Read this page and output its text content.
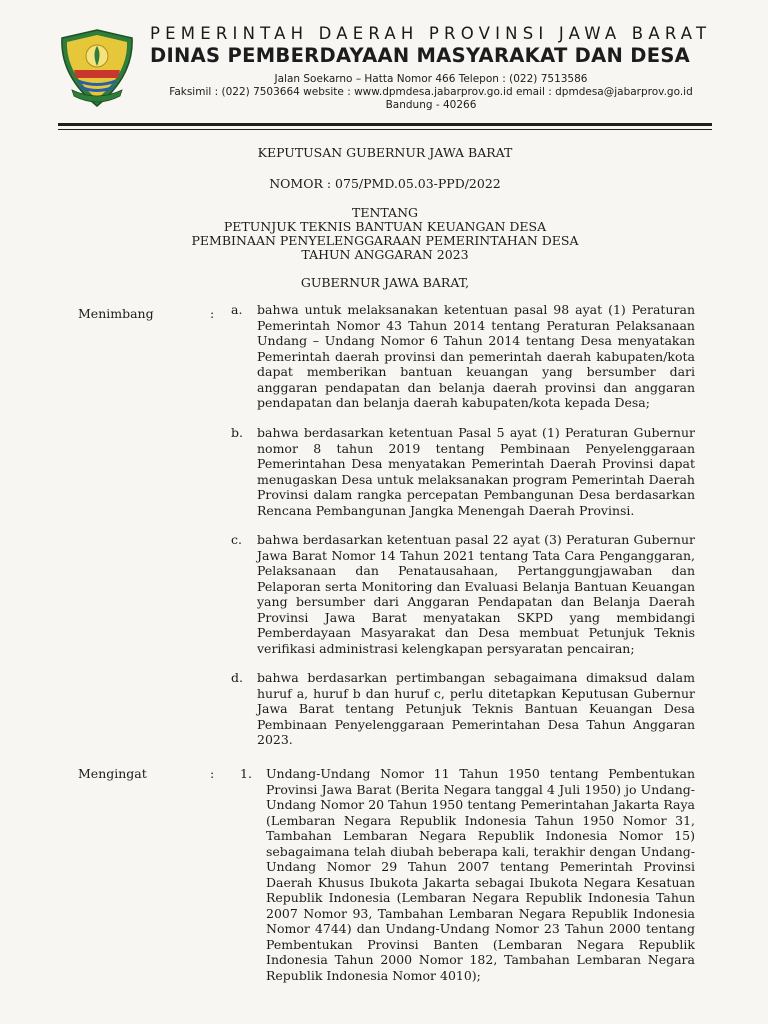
PEMERINTAH DAERAH PROVINSI JAWA BARAT
DINAS PEMBERDAYAAN MASYARAKAT DAN DESA
Jalan Soekarno – Hatta Nomor 466 Telepon : (022) 7513586
Faksimil : (022) 7503664 website : www.dpmdesa.jabarprov.go.id email : dpmdesa@jabarprov.go.id
Bandung - 40266
KEPUTUSAN GUBERNUR JAWA BARAT
NOMOR : 075/PMD.05.03-PPD/2022
TENTANG
PETUNJUK TEKNIS BANTUAN KEUANGAN DESA
PEMBINAAN PENYELENGGARAAN PEMERINTAHAN DESA
TAHUN ANGGARAN 2023
GUBERNUR JAWA BARAT,
Menimbang	: a. bahwa untuk melaksanakan ketentuan pasal 98 ayat (1) Peraturan Pemerintah Nomor 43 Tahun 2014 tentang Peraturan Pelaksanaan Undang – Undang Nomor 6 Tahun 2014 tentang Desa menyatakan Pemerintah daerah provinsi dan pemerintah daerah kabupaten/kota dapat memberikan bantuan keuangan yang bersumber dari anggaran pendapatan dan belanja daerah provinsi dan anggaran pendapatan dan belanja daerah kabupaten/kota kepada Desa;
b. bahwa berdasarkan ketentuan Pasal 5 ayat (1) Peraturan Gubernur nomor 8 tahun 2019 tentang Pembinaan Penyelenggaraan Pemerintahan Desa menyatakan Pemerintah Daerah Provinsi dapat menugaskan Desa untuk melaksanakan program Pemerintah Daerah Provinsi dalam rangka percepatan Pembangunan Desa berdasarkan Rencana Pembangunan Jangka Menengah Daerah Provinsi.
c. bahwa berdasarkan ketentuan pasal 22 ayat (3) Peraturan Gubernur Jawa Barat Nomor 14 Tahun 2021 tentang Tata Cara Penganggaran, Pelaksanaan dan Penatausahaan, Pertanggungjawaban dan Pelaporan serta Monitoring dan Evaluasi Belanja Bantuan Keuangan yang bersumber dari Anggaran Pendapatan dan Belanja Daerah Provinsi Jawa Barat menyatakan SKPD yang membidangi Pemberdayaan Masyarakat dan Desa membuat Petunjuk Teknis verifikasi administrasi kelengkapan persyaratan pencairan;
d. bahwa berdasarkan pertimbangan sebagaimana dimaksud dalam huruf a, huruf b dan huruf c, perlu ditetapkan Keputusan Gubernur Jawa Barat tentang Petunjuk Teknis Bantuan Keuangan Desa Pembinaan Penyelenggaraan Pemerintahan Desa Tahun Anggaran 2023.
Mengingat	: 1. Undang-Undang Nomor 11 Tahun 1950 tentang Pembentukan Provinsi Jawa Barat (Berita Negara tanggal 4 Juli 1950) jo Undang-Undang Nomor 20 Tahun 1950 tentang Pemerintahan Jakarta Raya (Lembaran Negara Republik Indonesia Tahun 1950 Nomor 31, Tambahan Lembaran Negara Republik Indonesia Nomor 15) sebagaimana telah diubah beberapa kali, terakhir dengan Undang-Undang Nomor 29 Tahun 2007 tentang Pemerintah Provinsi Daerah Khusus Ibukota Jakarta sebagai Ibukota Negara Kesatuan Republik Indonesia (Lembaran Negara Republik Indonesia Tahun 2007 Nomor 93, Tambahan Lembaran Negara Republik Indonesia Nomor 4744) dan Undang-Undang Nomor 23 Tahun 2000 tentang Pembentukan Provinsi Banten (Lembaran Negara Republik Indonesia Tahun 2000 Nomor 182, Tambahan Lembaran Negara Republik Indonesia Nomor 4010);
